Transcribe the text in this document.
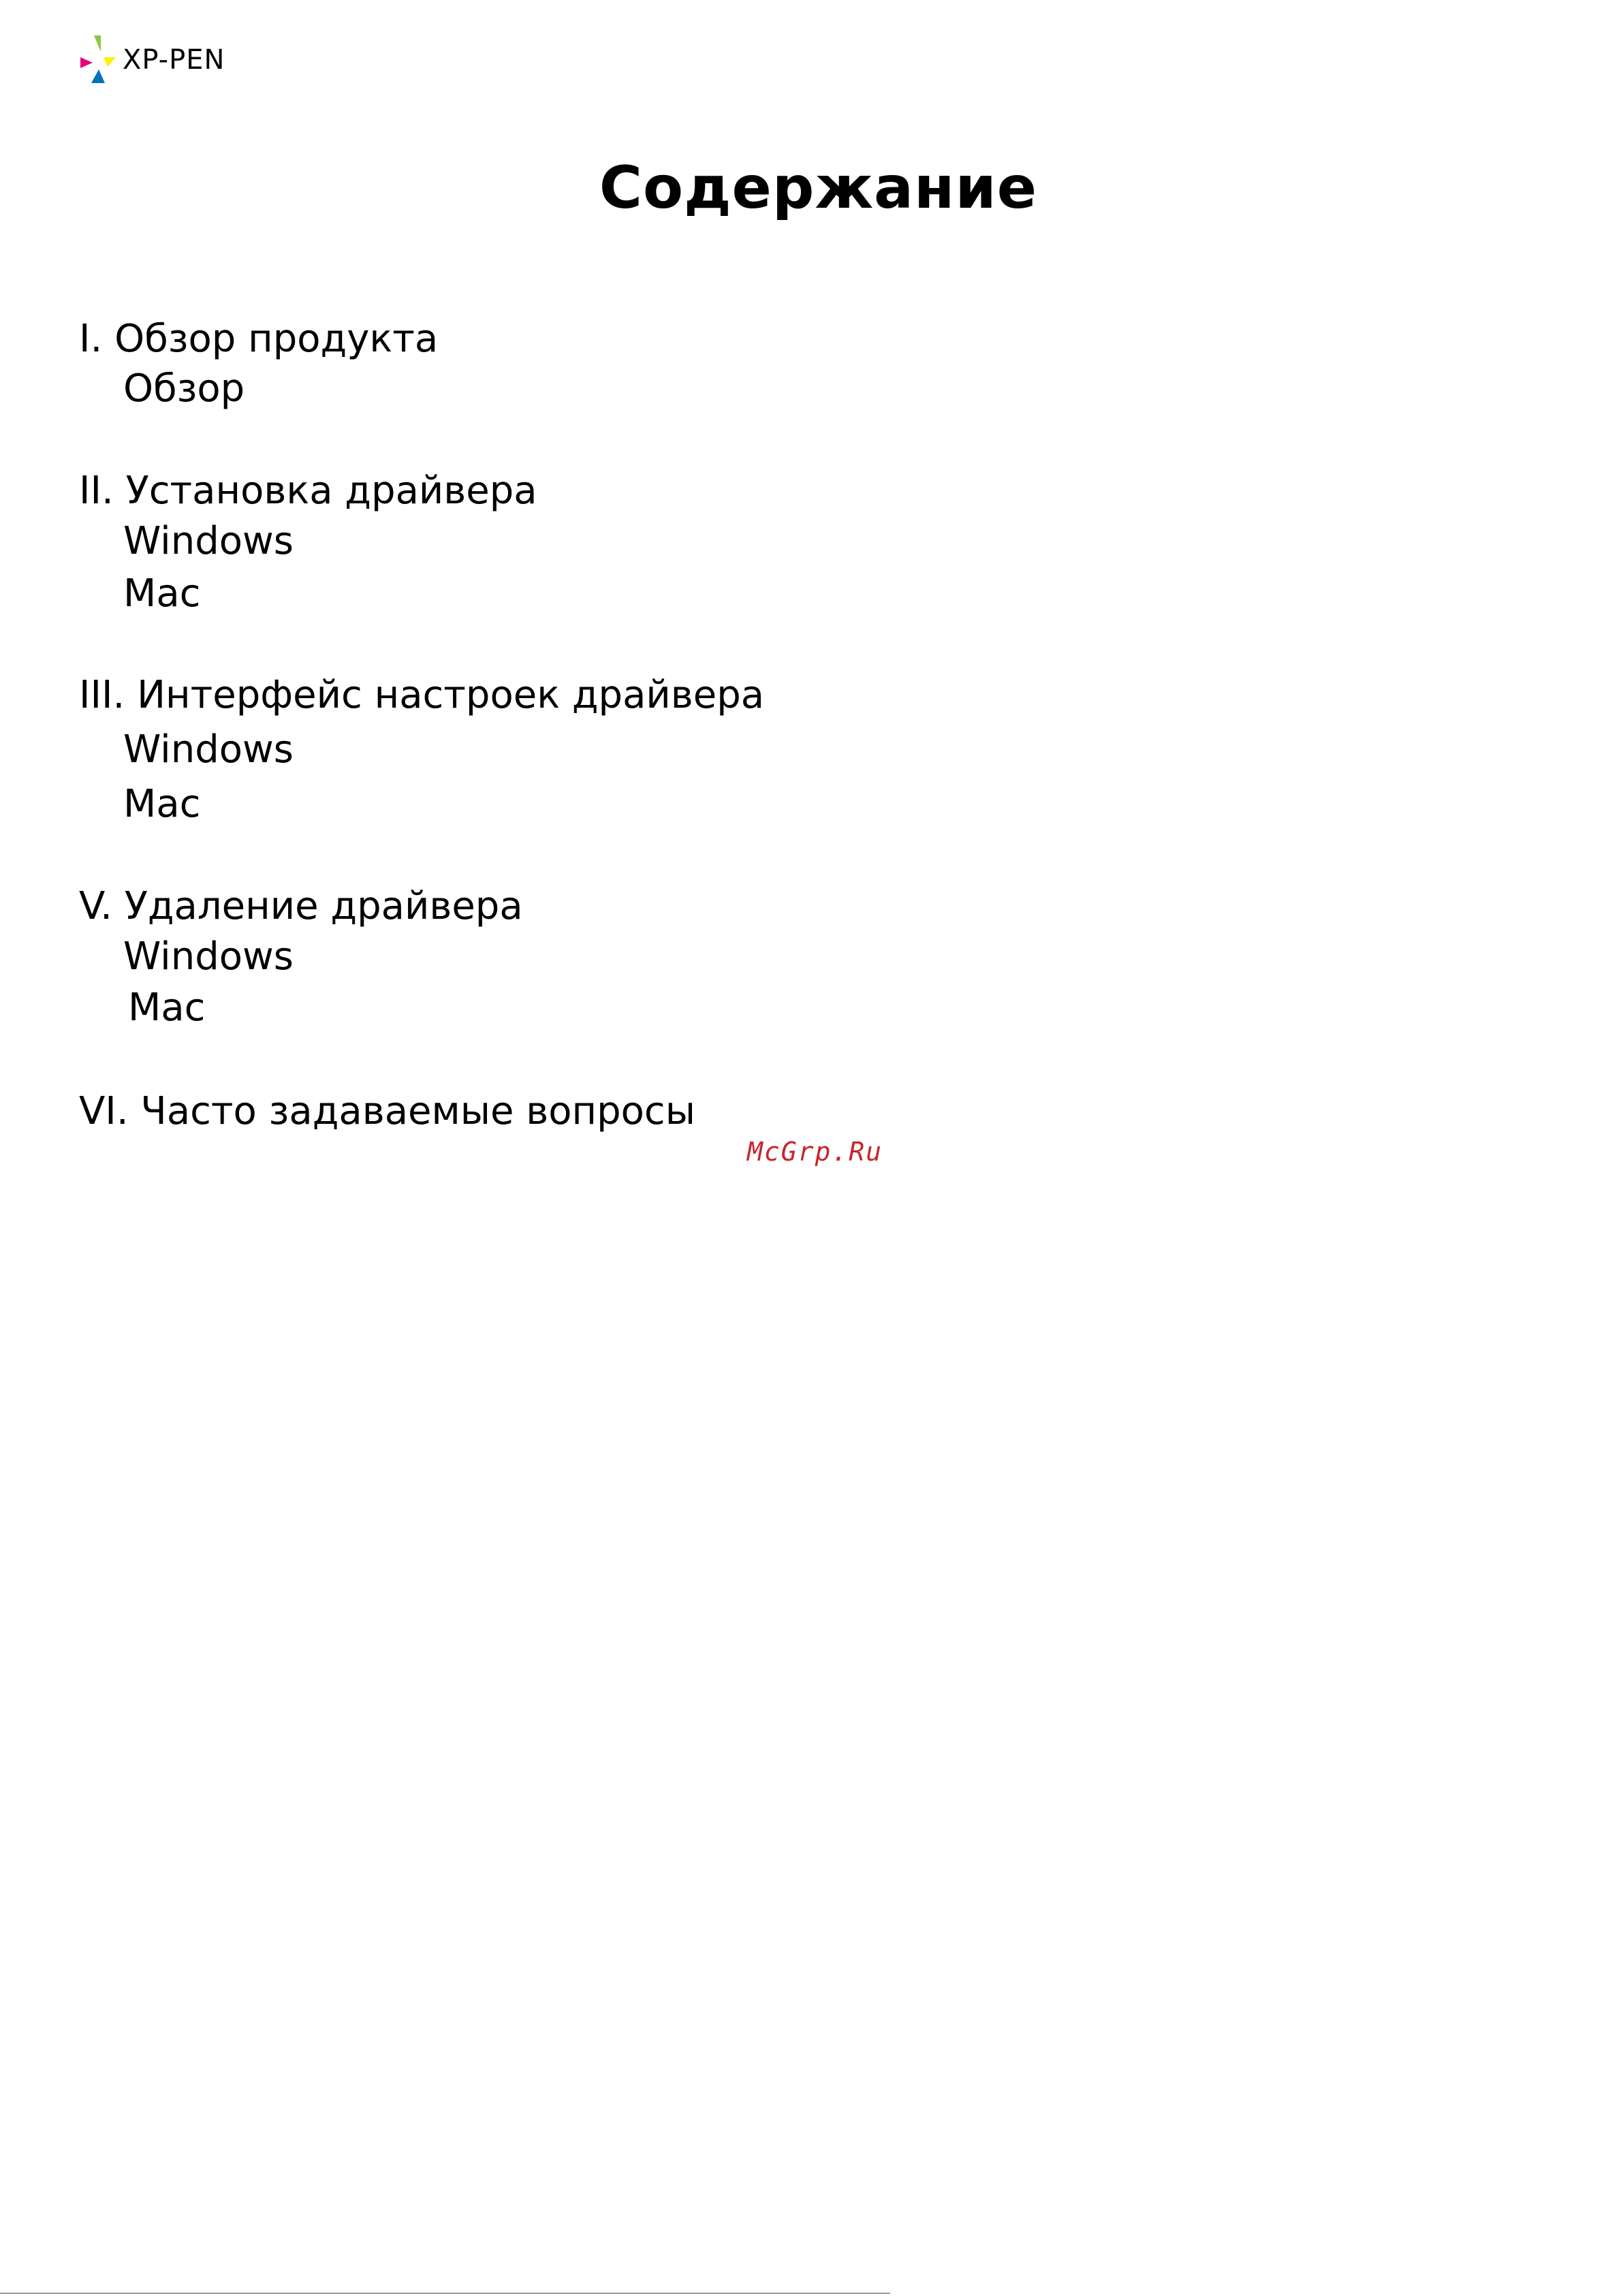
XP-PEN
Содержание
I. Обзор продукта
Обзор
II. Установка драйвера
Windows
Mac
III. Интерфейс настроек драйвера
Windows
Mac
V. Удаление драйвера
Windows
Mac
VI. Часто задаваемые вопросы
McGrp.Ru
